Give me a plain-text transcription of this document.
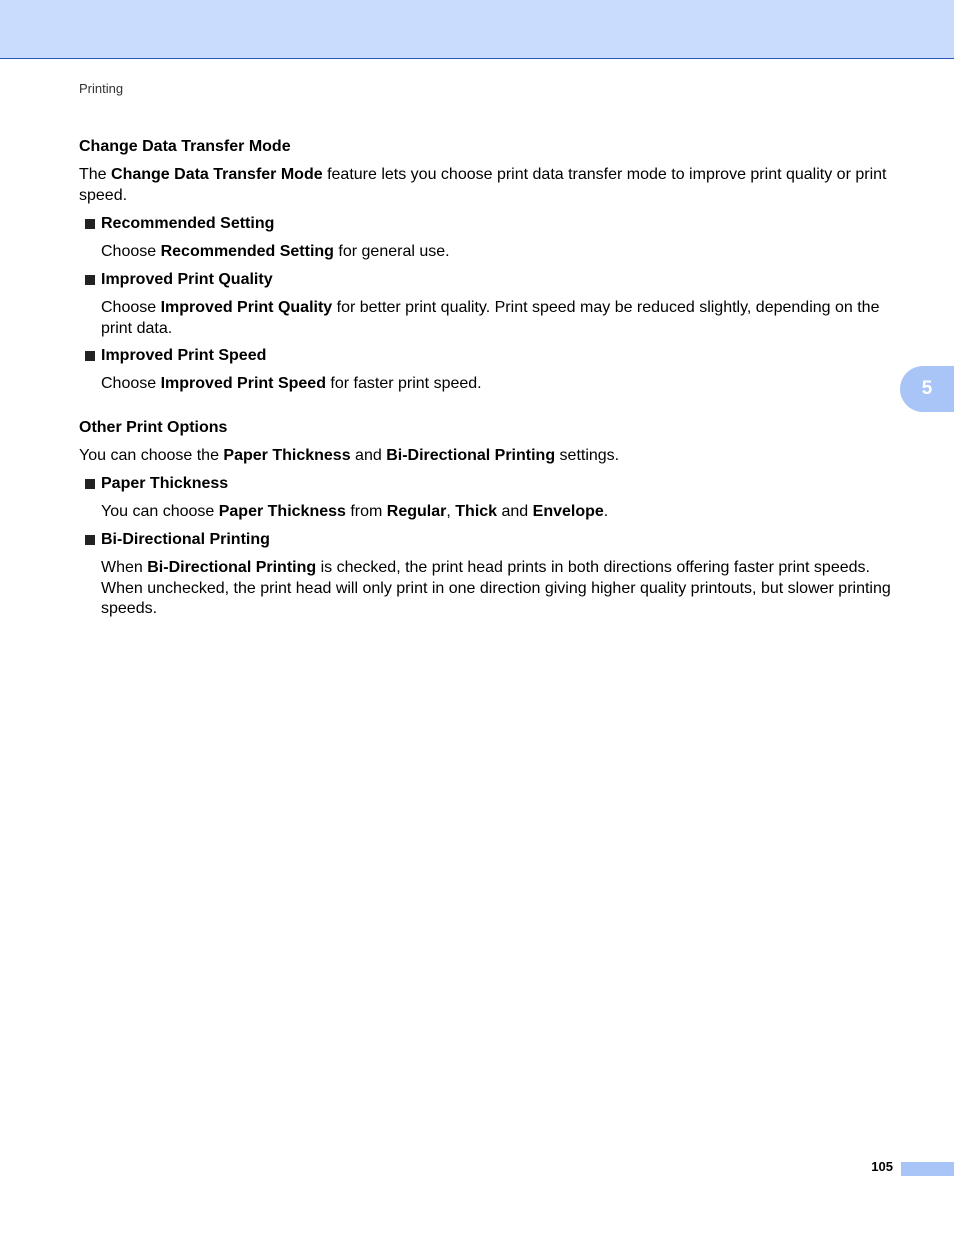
Printing
5
Change Data Transfer Mode
The Change Data Transfer Mode feature lets you choose print data transfer mode to improve print quality or print speed.
Recommended Setting
Choose Recommended Setting for general use.
Improved Print Quality
Choose Improved Print Quality for better print quality. Print speed may be reduced slightly, depending on the print data.
Improved Print Speed
Choose Improved Print Speed for faster print speed.
Other Print Options
You can choose the Paper Thickness and Bi-Directional Printing settings.
Paper Thickness
You can choose Paper Thickness from Regular, Thick and Envelope.
Bi-Directional Printing
When Bi-Directional Printing is checked, the print head prints in both directions offering faster print speeds. When unchecked, the print head will only print in one direction giving higher quality printouts, but slower printing speeds.
105
